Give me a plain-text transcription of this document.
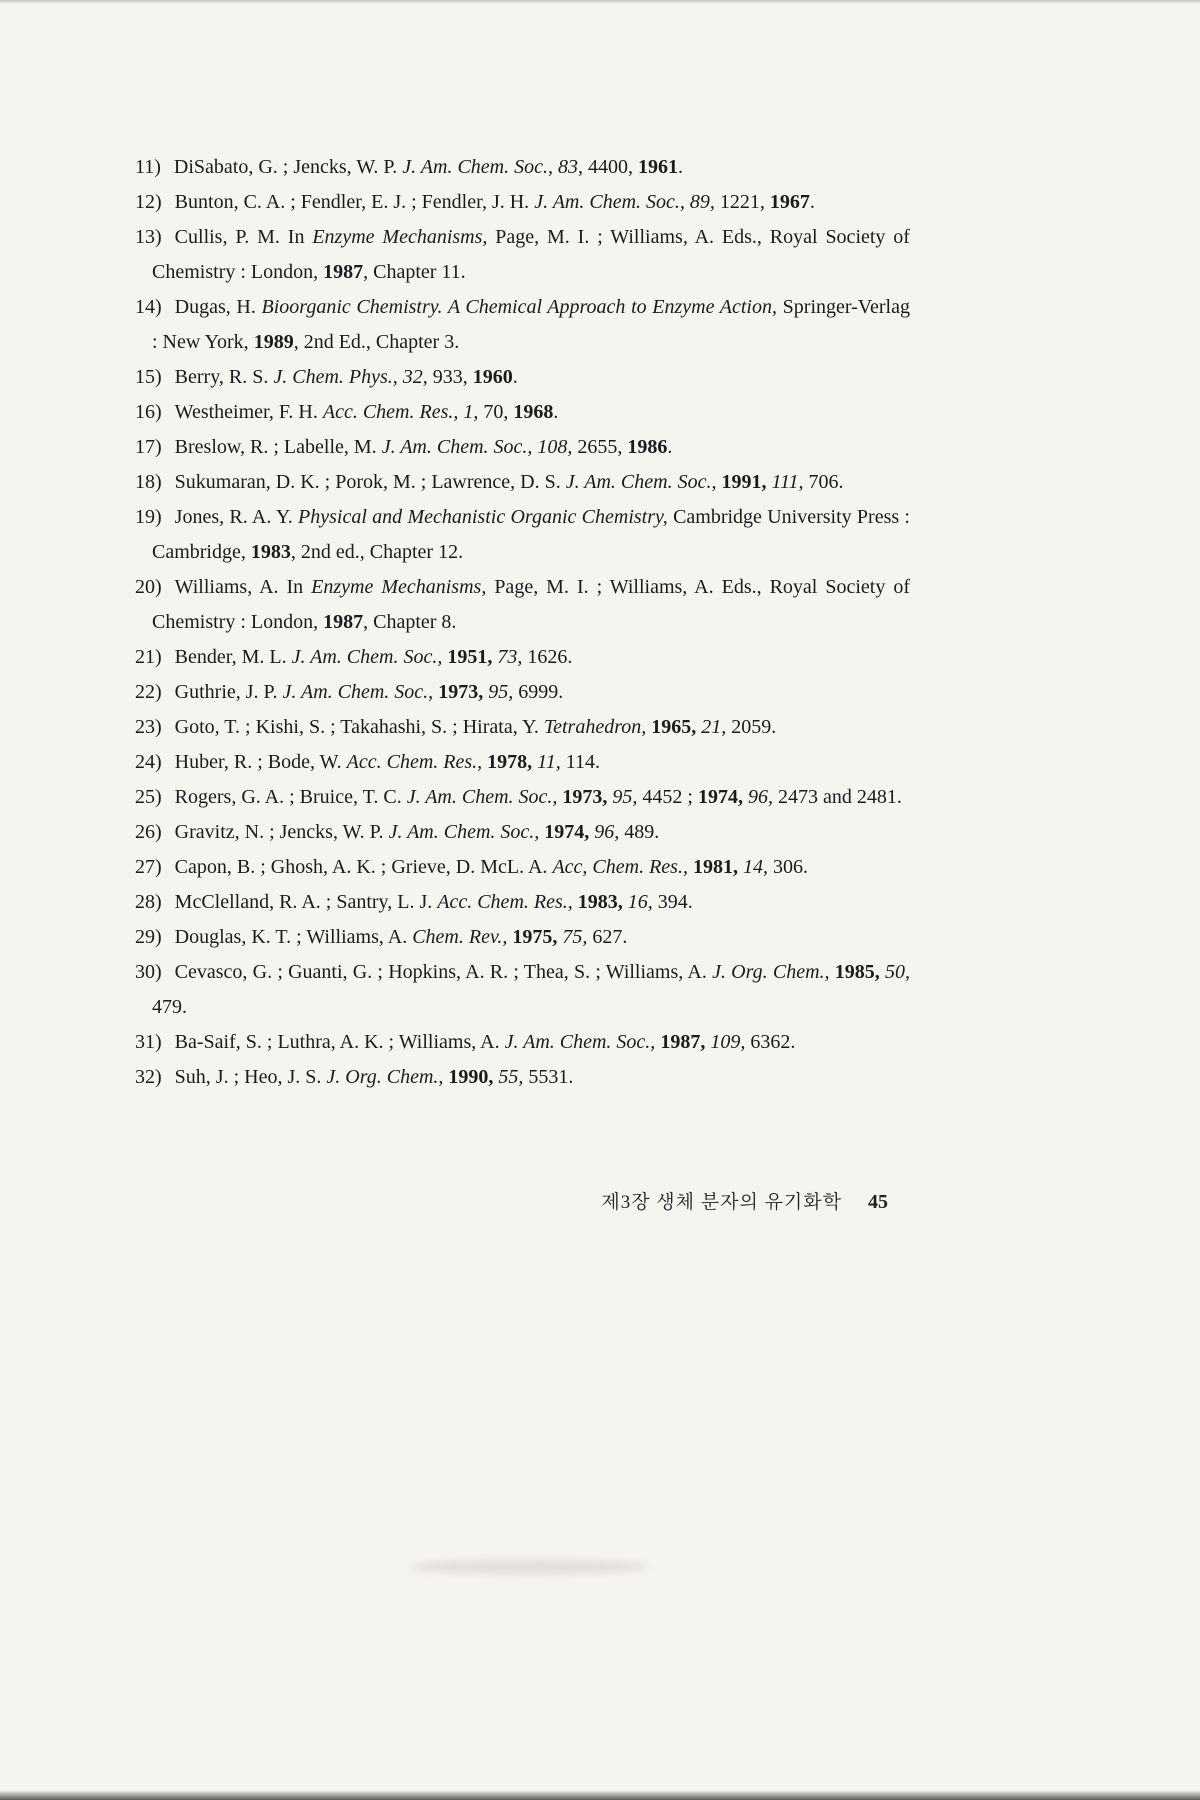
11) DiSabato, G. ; Jencks, W. P. J. Am. Chem. Soc., 83, 4400, 1961.
12) Bunton, C. A. ; Fendler, E. J. ; Fendler, J. H. J. Am. Chem. Soc., 89, 1221, 1967.
13) Cullis, P. M. In Enzyme Mechanisms, Page, M. I. ; Williams, A. Eds., Royal Society of Chemistry : London, 1987, Chapter 11.
14) Dugas, H. Bioorganic Chemistry. A Chemical Approach to Enzyme Action, Springer-Verlag : New York, 1989, 2nd Ed., Chapter 3.
15) Berry, R. S. J. Chem. Phys., 32, 933, 1960.
16) Westheimer, F. H. Acc. Chem. Res., 1, 70, 1968.
17) Breslow, R. ; Labelle, M. J. Am. Chem. Soc., 108, 2655, 1986.
18) Sukumaran, D. K. ; Porok, M. ; Lawrence, D. S. J. Am. Chem. Soc., 1991, 111, 706.
19) Jones, R. A. Y. Physical and Mechanistic Organic Chemistry, Cambridge University Press : Cambridge, 1983, 2nd ed., Chapter 12.
20) Williams, A. In Enzyme Mechanisms, Page, M. I. ; Williams, A. Eds., Royal Society of Chemistry : London, 1987, Chapter 8.
21) Bender, M. L. J. Am. Chem. Soc., 1951, 73, 1626.
22) Guthrie, J. P. J. Am. Chem. Soc., 1973, 95, 6999.
23) Goto, T. ; Kishi, S. ; Takahashi, S. ; Hirata, Y. Tetrahedron, 1965, 21, 2059.
24) Huber, R. ; Bode, W. Acc. Chem. Res., 1978, 11, 114.
25) Rogers, G. A. ; Bruice, T. C. J. Am. Chem. Soc., 1973, 95, 4452 ; 1974, 96, 2473 and 2481.
26) Gravitz, N. ; Jencks, W. P. J. Am. Chem. Soc., 1974, 96, 489.
27) Capon, B. ; Ghosh, A. K. ; Grieve, D. McL. A. Acc, Chem. Res., 1981, 14, 306.
28) McClelland, R. A. ; Santry, L. J. Acc. Chem. Res., 1983, 16, 394.
29) Douglas, K. T. ; Williams, A. Chem. Rev., 1975, 75, 627.
30) Cevasco, G. ; Guanti, G. ; Hopkins, A. R. ; Thea, S. ; Williams, A. J. Org. Chem., 1985, 50, 479.
31) Ba-Saif, S. ; Luthra, A. K. ; Williams, A. J. Am. Chem. Soc., 1987, 109, 6362.
32) Suh, J. ; Heo, J. S. J. Org. Chem., 1990, 55, 5531.
제3장 생체 분자의 유기화학 45
